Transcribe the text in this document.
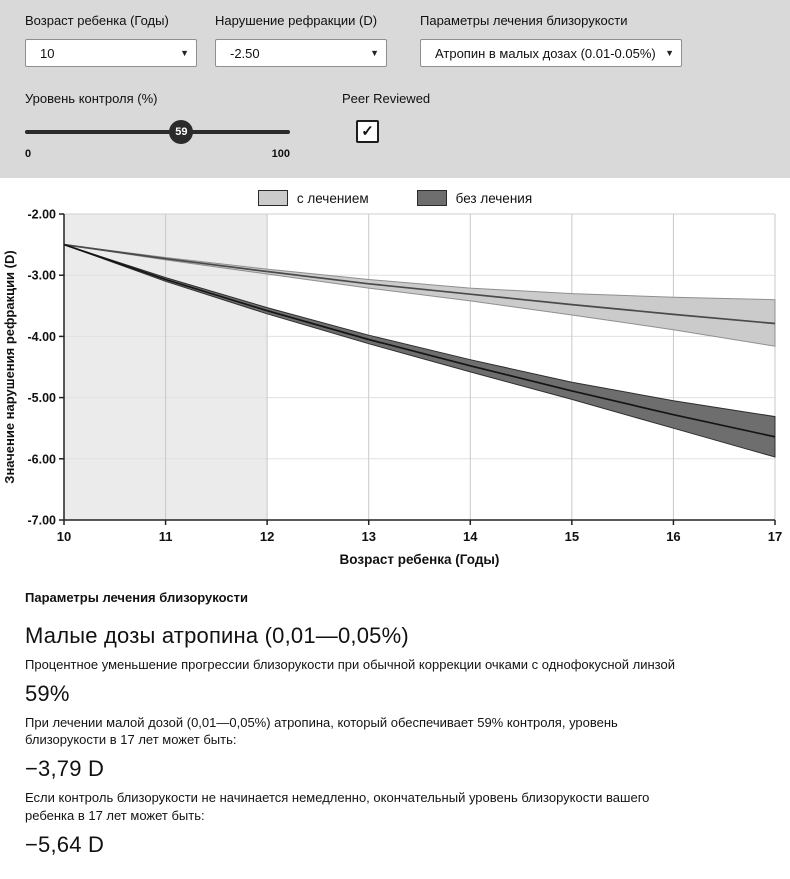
Возраст ребенка (Годы)
10	▼
Нарушение рефракции (D)
-2.50	▼
Параметры лечения близорукости
Атропин в малых дозах (0.01-0.05%) ▼
Уровень контроля (%)
59
0	100
Peer Reviewed
✓
с лечением	без лечения
10	11	12	13	14	15	16	17
-2.00
-3.00
-4.00
-5.00
-6.00
-7.00
Возраст ребенка (Годы)
Значение нарушения рефракции (D)
Параметры лечения близорукости
Малые дозы атропина (0,01—0,05%)
Процентное уменьшение прогрессии близорукости при обычной коррекции очками с однофокусной линзой
59%
При лечении малой дозой (0,01—0,05%) атропина, который обеспечивает 59% контроля, уровень близорукости в 17 лет может быть:
−3,79 D
Если контроль близорукости не начинается немедленно, окончательный уровень близорукости вашего ребенка в 17 лет может быть:
−5,64 D
